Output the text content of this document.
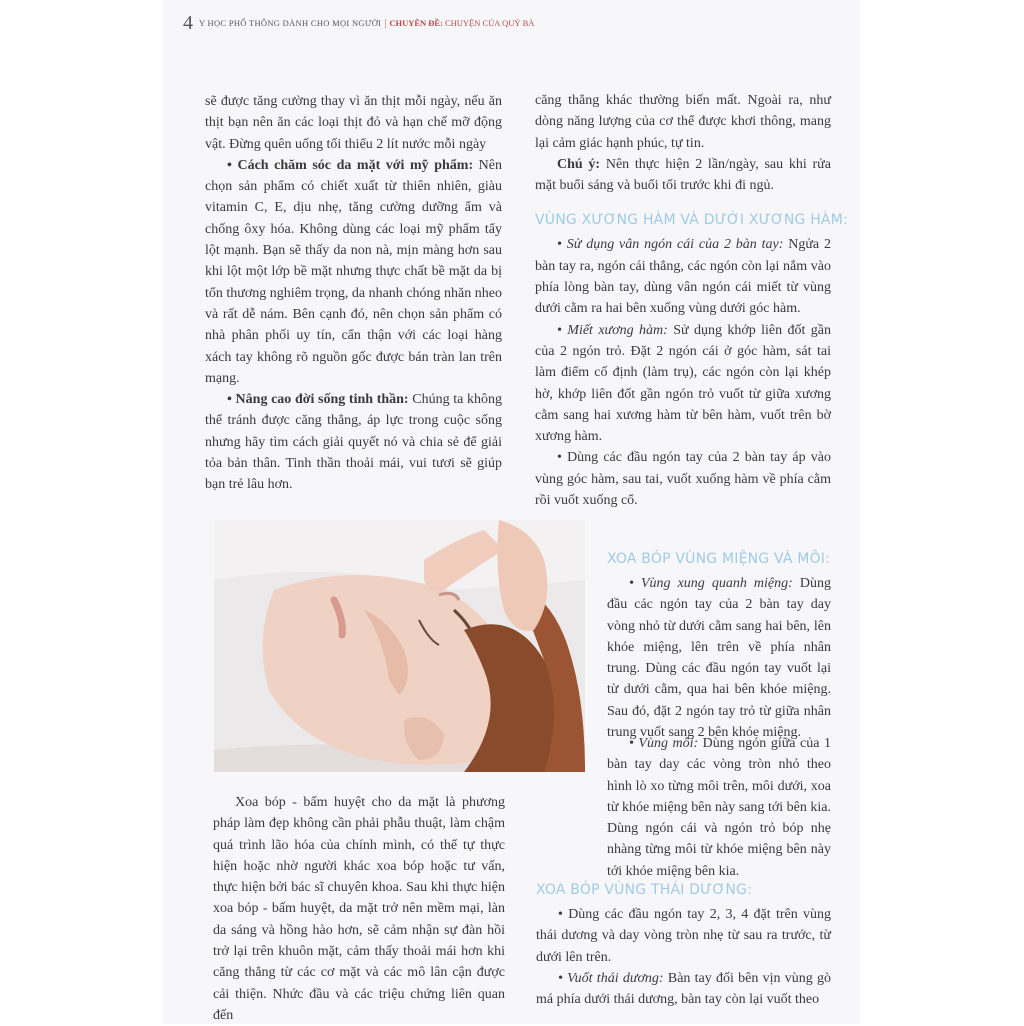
4 Y HỌC PHỔ THÔNG DÀNH CHO MỌI NGƯỜI | CHUYÊN ĐỀ: CHUYỆN CỦA QUÝ BÀ

sẽ được tăng cường thay vì ăn thịt mỗi ngày, nếu ăn thịt bạn nên ăn các loại thịt đỏ và hạn chế mỡ động vật. Đừng quên uống tối thiểu 2 lít nước mỗi ngày

• Cách chăm sóc da mặt với mỹ phẩm: Nên chọn sản phẩm có chiết xuất từ thiên nhiên, giàu vitamin C, E, dịu nhẹ, tăng cường dưỡng ẩm và chống ôxy hóa. Không dùng các loại mỹ phẩm tẩy lột mạnh. Bạn sẽ thấy da non nà, mịn màng hơn sau khi lột một lớp bề mặt nhưng thực chất bề mặt da bị tổn thương nghiêm trọng, da nhanh chóng nhăn nheo và rất dễ nám. Bên cạnh đó, nên chọn sản phẩm có nhà phân phối uy tín, cẩn thận với các loại hàng xách tay không rõ nguồn gốc được bán tràn lan trên mạng.

• Nâng cao đời sống tinh thần: Chúng ta không thể tránh được căng thẳng, áp lực trong cuộc sống nhưng hãy tìm cách giải quyết nó và chia sẻ để giải tỏa bản thân. Tinh thần thoải mái, vui tươi sẽ giúp bạn trẻ lâu hơn.

Xoa bóp - bấm huyệt cho da mặt là phương pháp làm đẹp không cần phải phẫu thuật, làm chậm quá trình lão hóa của chính mình, có thể tự thực hiện hoặc nhờ người khác xoa bóp hoặc tư vấn, thực hiện bởi bác sĩ chuyên khoa. Sau khi thực hiện xoa bóp - bấm huyệt, da mặt trở nên mềm mại, làn da sáng và hồng hào hơn, sẽ cảm nhận sự đàn hồi trở lại trên khuôn mặt, cảm thấy thoải mái hơn khi căng thẳng từ các cơ mặt và các mô lân cận được cải thiện. Nhức đầu và các triệu chứng liên quan đến

căng thẳng khác thường biến mất. Ngoài ra, như dòng năng lượng của cơ thể được khơi thông, mang lại cảm giác hạnh phúc, tự tin.

Chú ý: Nên thực hiện 2 lần/ngày, sau khi rửa mặt buổi sáng và buổi tối trước khi đi ngủ.

VÙNG XƯƠNG HÀM VÀ DƯỚI XƯƠNG HÀM:

• Sử dụng vân ngón cái của 2 bàn tay: Ngửa 2 bàn tay ra, ngón cái thẳng, các ngón còn lại nắm vào phía lòng bàn tay, dùng vân ngón cái miết từ vùng dưới cằm ra hai bên xuống vùng dưới góc hàm.

• Miết xương hàm: Sử dụng khớp liên đốt gần của 2 ngón trỏ. Đặt 2 ngón cái ở góc hàm, sát tai làm điểm cố định (làm trụ), các ngón còn lại khép hờ, khớp liên đốt gần ngón trỏ vuốt từ giữa xương cằm sang hai xương hàm từ bên hàm, vuốt trên bờ xương hàm.

• Dùng các đầu ngón tay của 2 bàn tay áp vào vùng góc hàm, sau tai, vuốt xuống hàm về phía cằm rồi vuốt xuống cổ.

XOA BÓP VÙNG MIỆNG VÀ MÔI:

• Vùng xung quanh miệng: Dùng đầu các ngón tay của 2 bàn tay day vòng nhỏ từ dưới cằm sang hai bên, lên khóe miệng, lên trên về phía nhân trung. Dùng các đầu ngón tay vuốt lại từ dưới cằm, qua hai bên khóe miệng. Sau đó, đặt 2 ngón tay trỏ từ giữa nhân trung vuốt sang 2 bên khóe miệng.

• Vùng môi: Dùng ngón giữa của 1 bàn tay day các vòng tròn nhỏ theo hình lò xo từng môi trên, môi dưới, xoa từ khóe miệng bên này sang tới bên kia. Dùng ngón cái và ngón trỏ bóp nhẹ nhàng từng môi từ khóe miệng bên này tới khóe miệng bên kia.

XOA BÓP VÙNG THÁI DƯƠNG:

• Dùng các đầu ngón tay 2, 3, 4 đặt trên vùng thái dương và day vòng tròn nhẹ từ sau ra trước, từ dưới lên trên.

• Vuốt thái dương: Bàn tay đối bên vịn vùng gò má phía dưới thái dương, bàn tay còn lại vuốt theo
